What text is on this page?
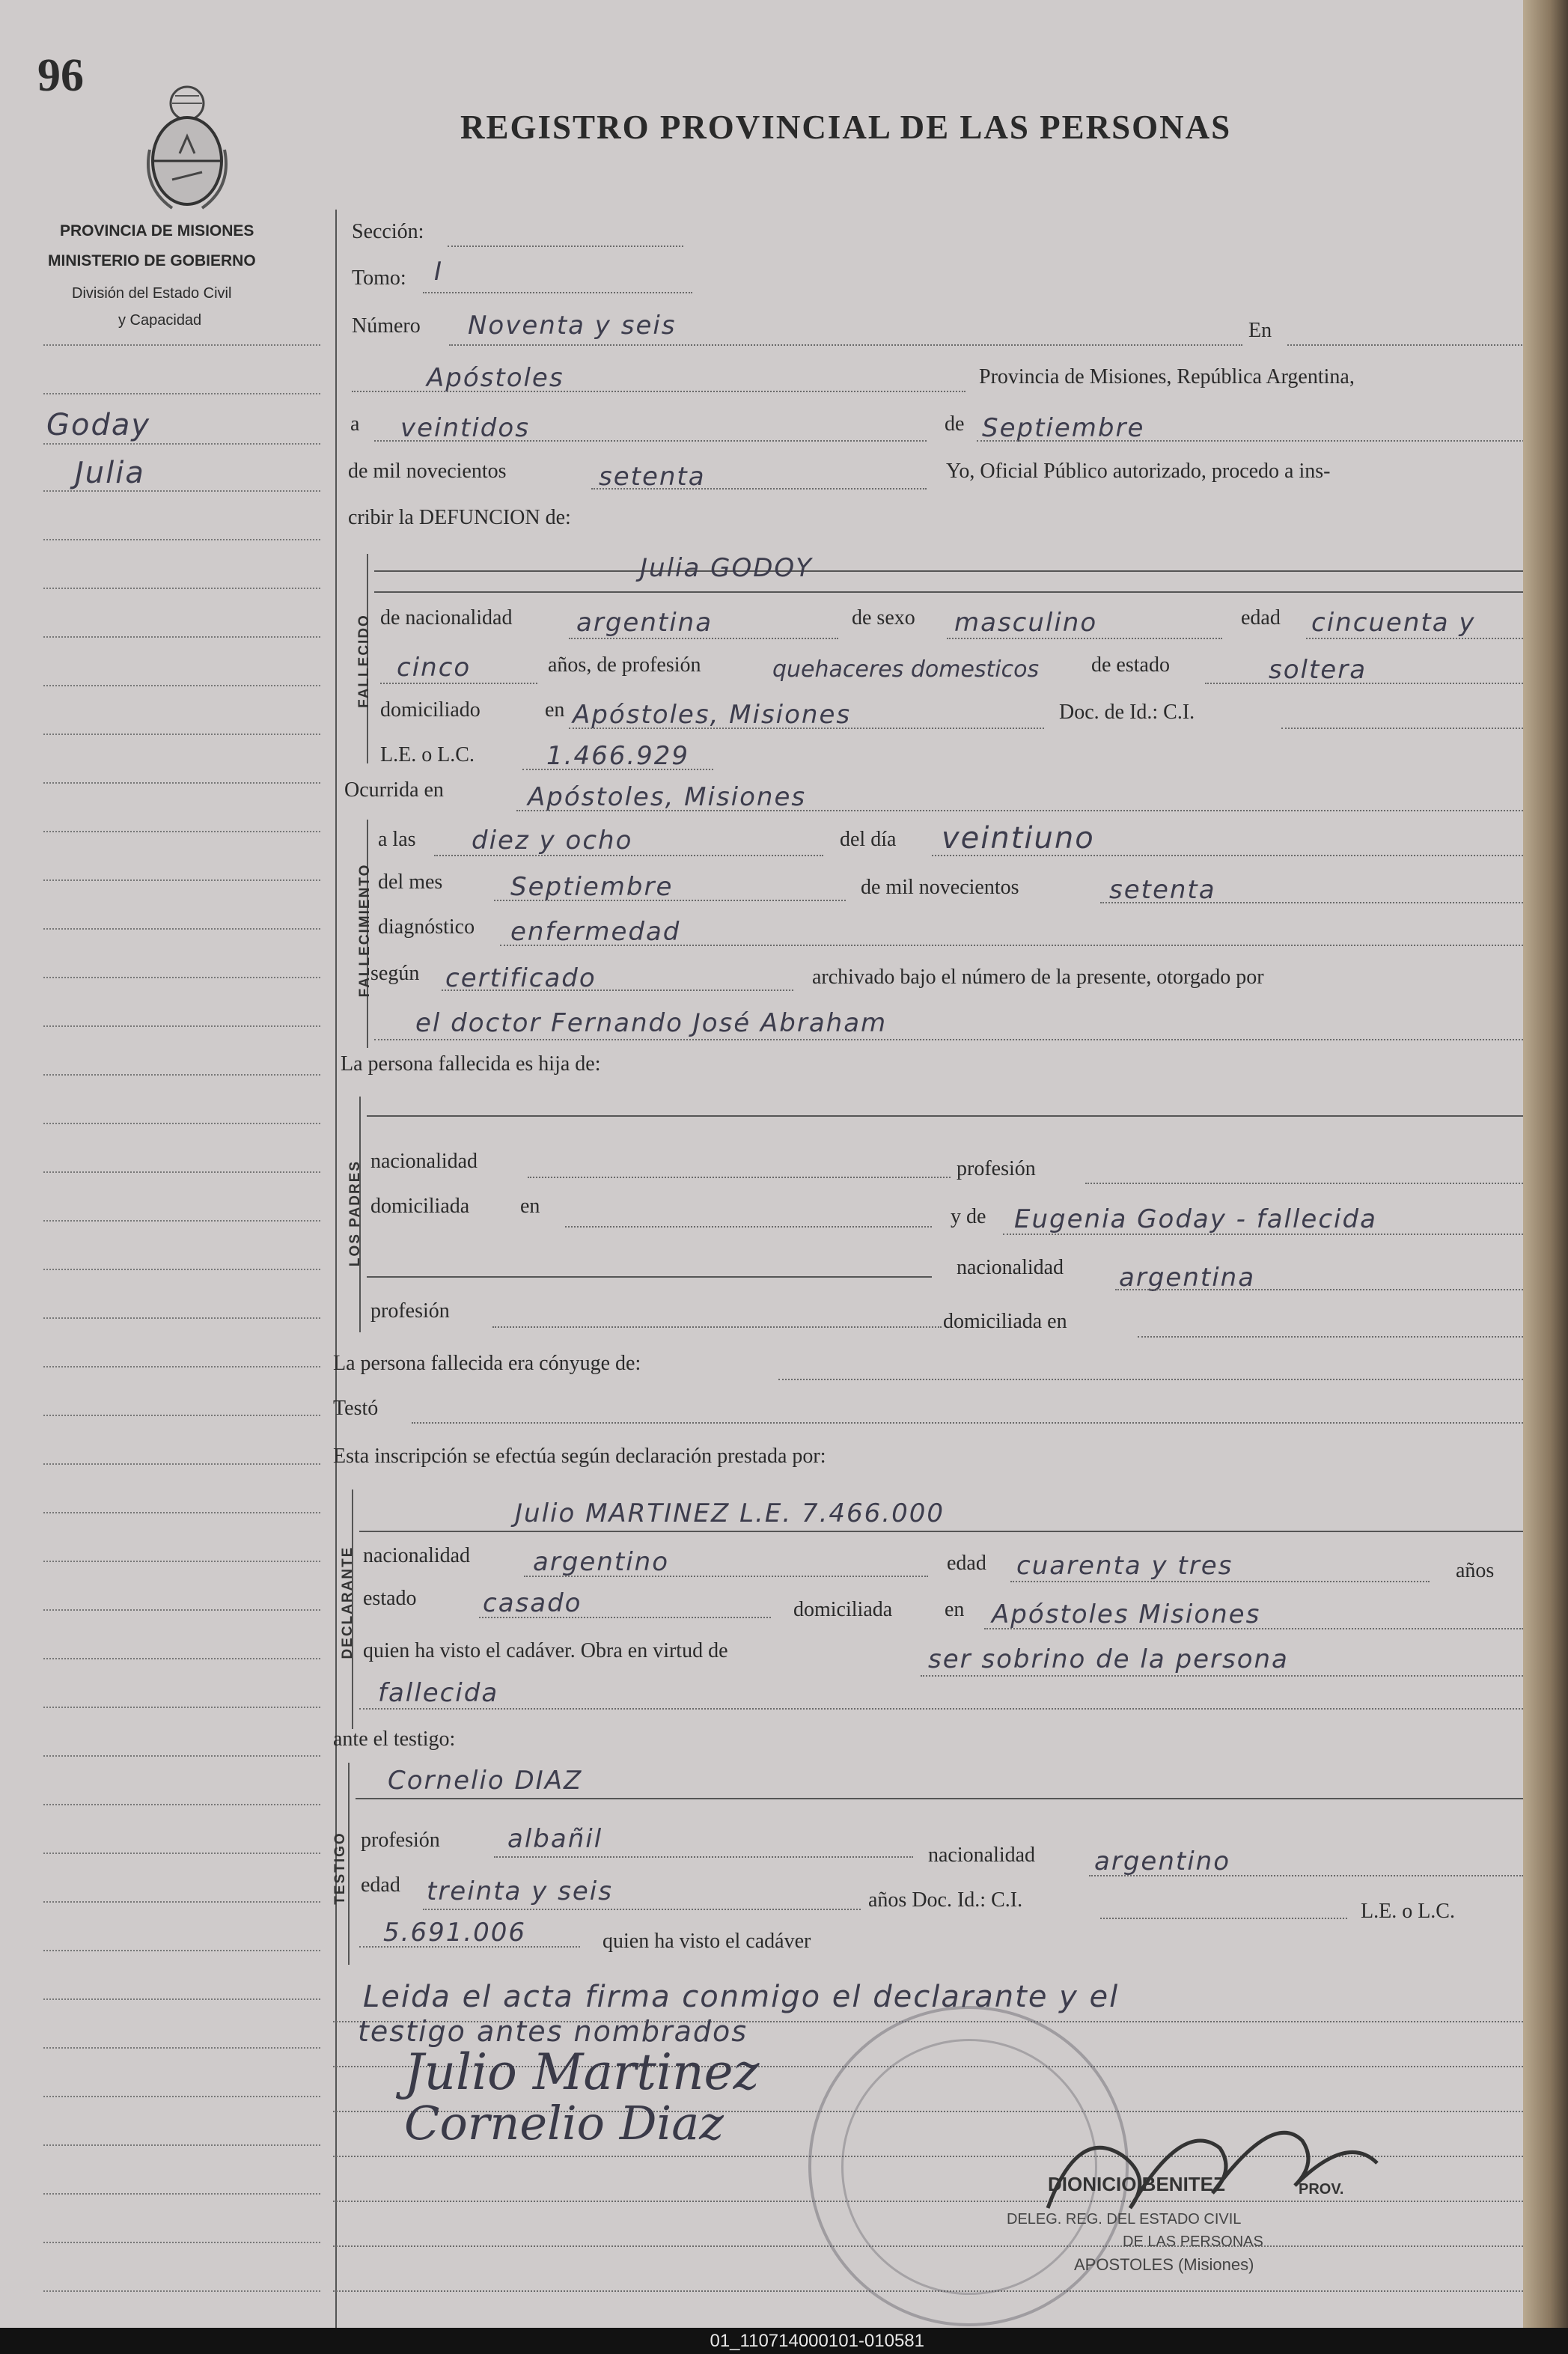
96
REGISTRO PROVINCIAL DE LAS PERSONAS
PROVINCIA DE MISIONES
MINISTERIO DE GOBIERNO
División del Estado Civil
y Capacidad
Goday
Julia
Sección:
Tomo: I
Número Noventa y seis	En
Apóstoles	Provincia de Misiones, República Argentina,
a veintidos	de Septiembre
de mil novecientos	setenta	Yo, Oficial Público autorizado, procedo a ins-
cribir la DEFUNCION de:
FALLECIDO
Julia GODOY
de nacionalidad	argentina	de sexo masculino	edad cincuenta y
cinco	años, de profesión	quehaceres domesticos de estado	soltera
domiciliado	en Apóstoles, Misiones	Doc. de Id.: C.I.
L.E. o L.C.	1.466.929
Ocurrida en	Apóstoles, Misiones
FALLECIMIENTO
a las diez y ocho	del día veintiuno
del mes	Septiembre	de mil novecientos	setenta
diagnóstico enfermedad
según certificado	archivado bajo el número de la presente, otorgado por
el doctor Fernando José Abraham
La persona fallecida es hija de:
LOS PADRES nacionalidad	profesión
domiciliada en	y de Eugenia Goday - fallecida
nacionalidad argentina
profesión	domiciliada en
La persona fallecida era cónyuge de:
Testó
Esta inscripción se efectúa según declaración prestada por:
DECLARANTE
Julio MARTINEZ L.E. 7.466.000
nacionalidad argentino	edad cuarenta y tres	años
estado	casado	domiciliada en Apóstoles Misiones
quien ha visto el cadáver. Obra en virtud de	ser sobrino de la persona
fallecida
ante el testigo:
TESTIGO
Cornelio DIAZ
profesión	albañil
nacionalidad argentino
edad treinta y seis	años Doc. Id.: C.I.	L.E. o L.C.
5.691.006	quien ha visto el cadáver
Leida el acta firma conmigo el declarante y el
testigo antes nombrados
Julio Martinez
Cornelio Diaz
DIONICIO BENITEZ	PROV.
DELEG. REG. DEL ESTADO CIVIL
DE LAS PERSONAS
APOSTOLES (Misiones)
01_110714000101-010581
